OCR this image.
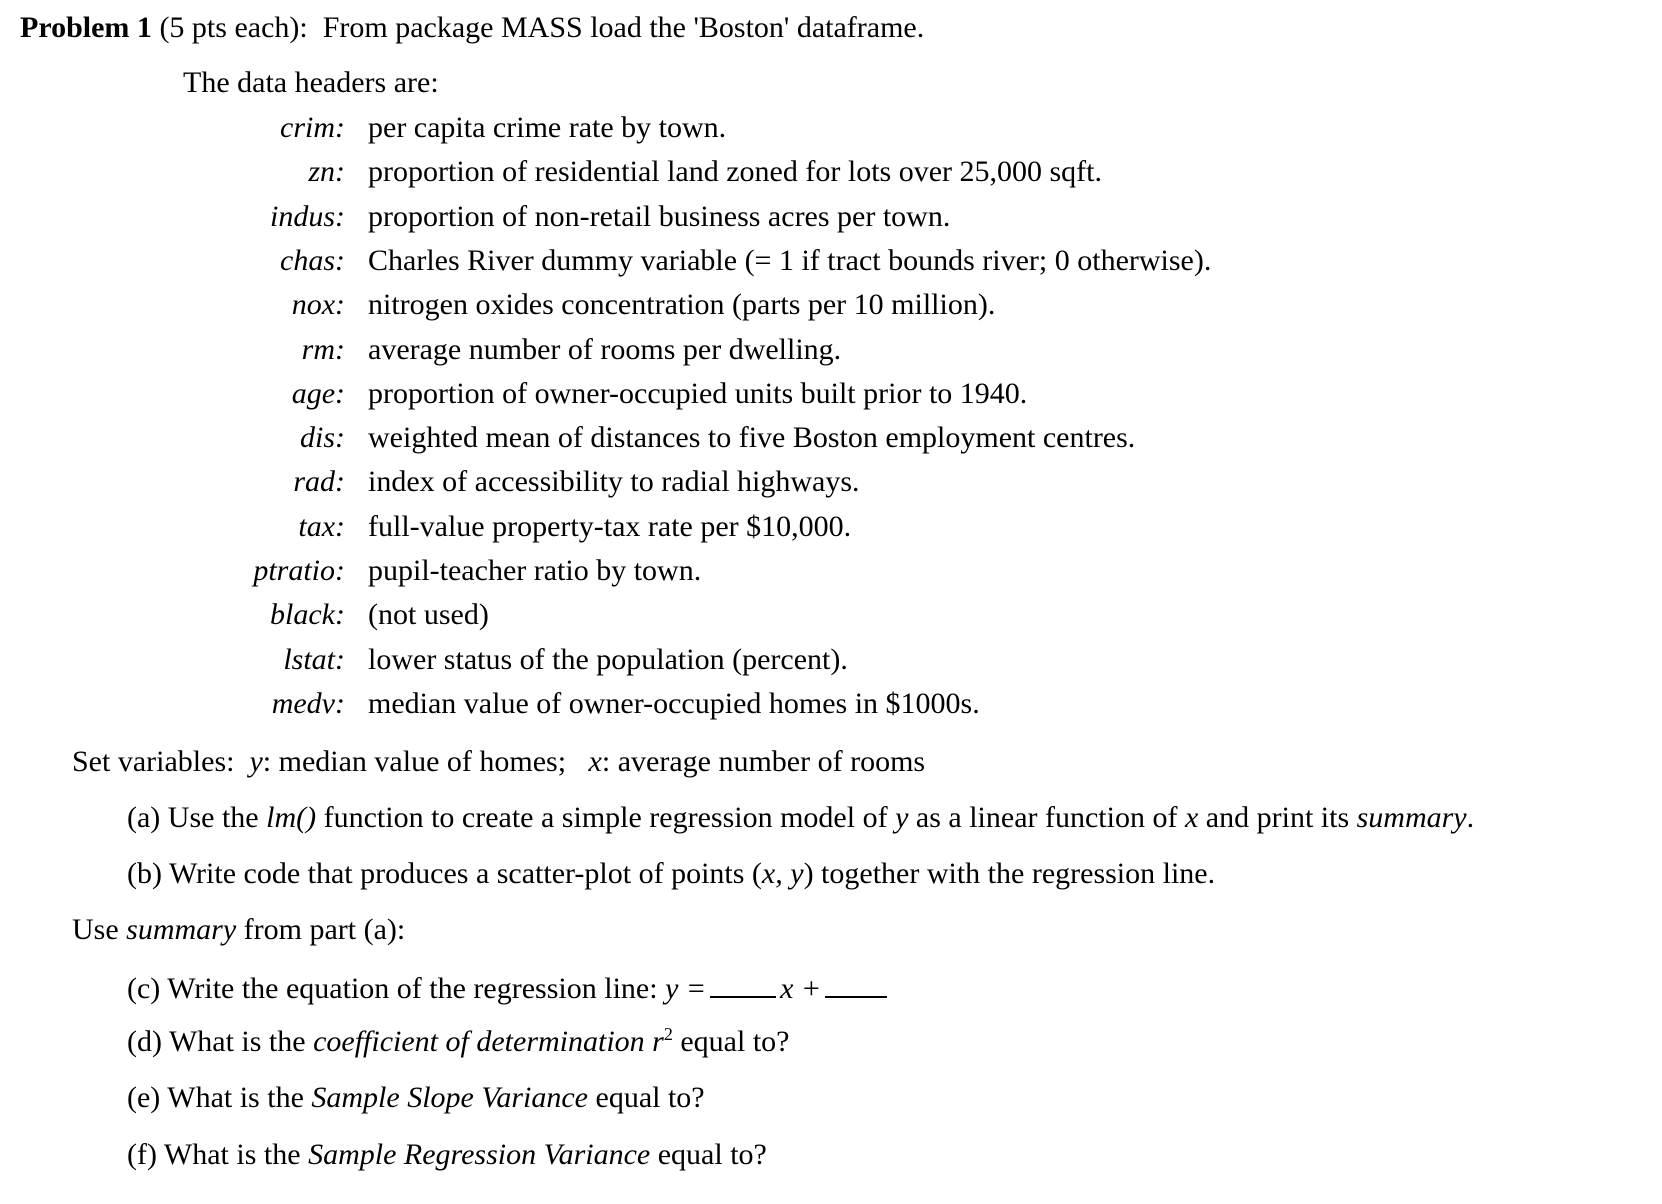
Problem 1 (5 pts each): From package MASS load the 'Boston' dataframe.
The data headers are:
crim: per capita crime rate by town.
zn: proportion of residential land zoned for lots over 25,000 sqft.
indus: proportion of non-retail business acres per town.
chas: Charles River dummy variable (= 1 if tract bounds river; 0 otherwise).
nox: nitrogen oxides concentration (parts per 10 million).
rm: average number of rooms per dwelling.
age: proportion of owner-occupied units built prior to 1940.
dis: weighted mean of distances to five Boston employment centres.
rad: index of accessibility to radial highways.
tax: full-value property-tax rate per $10,000.
ptratio: pupil-teacher ratio by town.
black: (not used)
lstat: lower status of the population (percent).
medv: median value of owner-occupied homes in $1000s.
Set variables: y: median value of homes; x: average number of rooms
(a) Use the lm() function to create a simple regression model of y as a linear function of x and print its summary.
(b) Write code that produces a scatter-plot of points (x, y) together with the regression line.
Use summary from part (a):
(c) Write the equation of the regression line: y = x +
(d) What is the coefficient of determination $r^2$ equal to?
(e) What is the Sample Slope Variance equal to?
(f) What is the Sample Regression Variance equal to?
